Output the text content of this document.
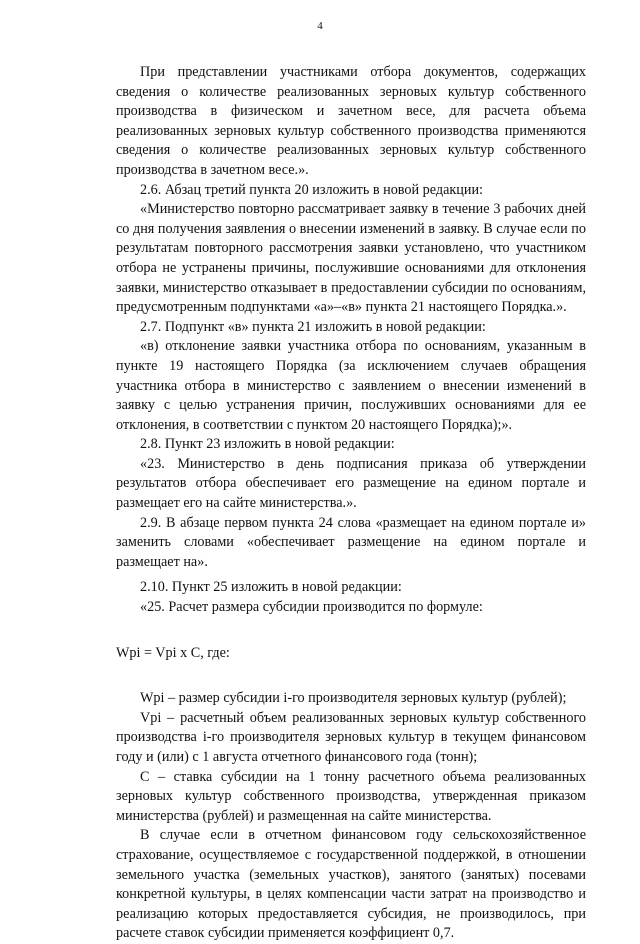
4

При представлении участниками отбора документов, содержащих сведения о количестве реализованных зерновых культур собственного производства в физическом и зачетном весе, для расчета объема реализованных зерновых культур собственного производства применяются сведения о количестве реализованных зерновых культур собственного производства в зачетном весе.».

2.6. Абзац третий пункта 20 изложить в новой редакции:

«Министерство повторно рассматривает заявку в течение 3 рабочих дней со дня получения заявления о внесении изменений в заявку. В случае если по результатам повторного рассмотрения заявки установлено, что участником отбора не устранены причины, послужившие основаниями для отклонения заявки, министерство отказывает в предоставлении субсидии по основаниям, предусмотренным подпунктами «а»–«в» пункта 21 настоящего Порядка.».

2.7. Подпункт «в» пункта 21 изложить в новой редакции:

«в) отклонение заявки участника отбора по основаниям, указанным в пункте 19 настоящего Порядка (за исключением случаев обращения участника отбора в министерство с заявлением о внесении изменений в заявку с целью устранения причин, послуживших основаниями для ее отклонения, в соответствии с пунктом 20 настоящего Порядка);».

2.8. Пункт 23 изложить в новой редакции:

«23. Министерство в день подписания приказа об утверждении результатов отбора обеспечивает его размещение на едином портале и размещает его на сайте министерства.».

2.9. В абзаце первом пункта 24 слова «размещает на едином портале и» заменить словами «обеспечивает размещение на едином портале и размещает на».

2.10. Пункт 25 изложить в новой редакции:

«25. Расчет размера субсидии производится по формуле:

Wpi = Vpi x C, где:

Wpi – размер субсидии i-го производителя зерновых культур (рублей);

Vpi – расчетный объем реализованных зерновых культур собственного производства i-го производителя зерновых культур в текущем финансовом году и (или) с 1 августа отчетного финансового года (тонн);

C – ставка субсидии на 1 тонну расчетного объема реализованных зерновых культур собственного производства, утвержденная приказом министерства (рублей) и размещенная на сайте министерства.

В случае если в отчетном финансовом году сельскохозяйственное страхование, осуществляемое с государственной поддержкой, в отношении земельного участка (земельных участков), занятого (занятых) посевами конкретной культуры, в целях компенсации части затрат на производство и реализацию которых предоставляется субсидия, не производилось, при расчете ставок субсидии применяется коэффициент 0,7.
